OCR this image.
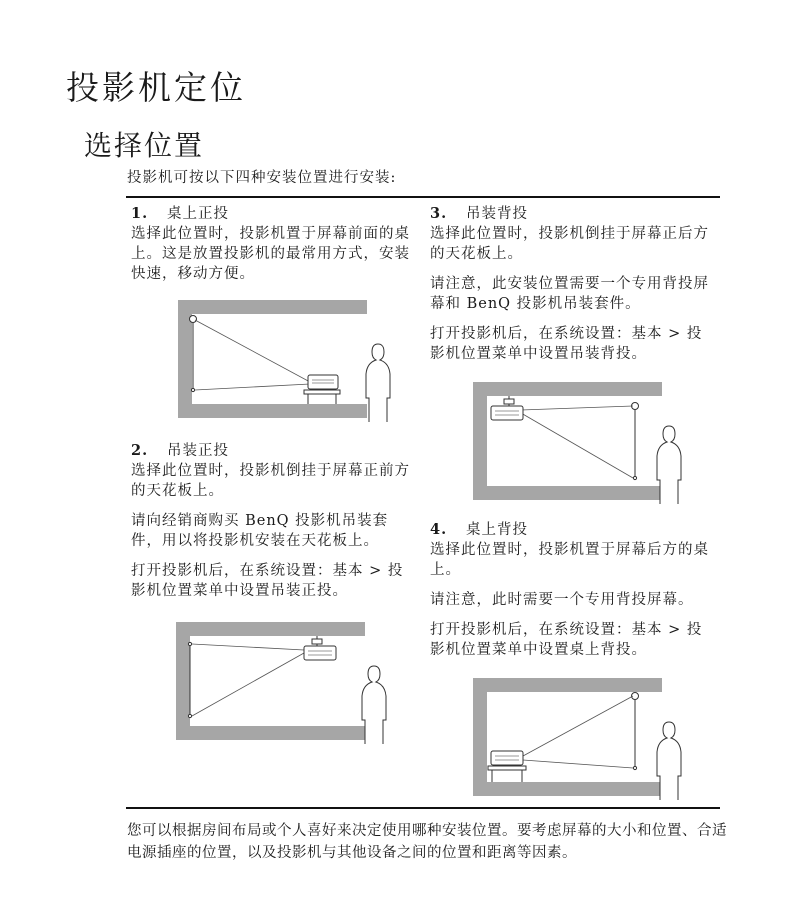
投影机定位
选择位置
投影机可按以下四种安装位置进行安装:
1. 桌上正投

选择此位置时，投影机置于屏幕前面的桌上。这是放置投影机的最常用方式，安装快速，移动方便。

2. 吊装正投

选择此位置时，投影机倒挂于屏幕正前方的天花板上。

请向经销商购买 BenQ 投影机吊装套件，用以将投影机安装在天花板上。

打开投影机后，在系统设置：基本 > 投影机位置菜单中设置吊装正投。

3. 吊装背投

选择此位置时，投影机倒挂于屏幕正后方的天花板上。

请注意，此安装位置需要一个专用背投屏幕和 BenQ 投影机吊装套件。

打开投影机后，在系统设置：基本 > 投影机位置菜单中设置吊装背投。

4. 桌上背投

选择此位置时，投影机置于屏幕后方的桌上。

请注意，此时需要一个专用背投屏幕。

打开投影机后，在系统设置：基本 > 投影机位置菜单中设置桌上背投。

您可以根据房间布局或个人喜好来决定使用哪种安装位置。要考虑屏幕的大小和位置、合适电源插座的位置，以及投影机与其他设备之间的位置和距离等因素。
